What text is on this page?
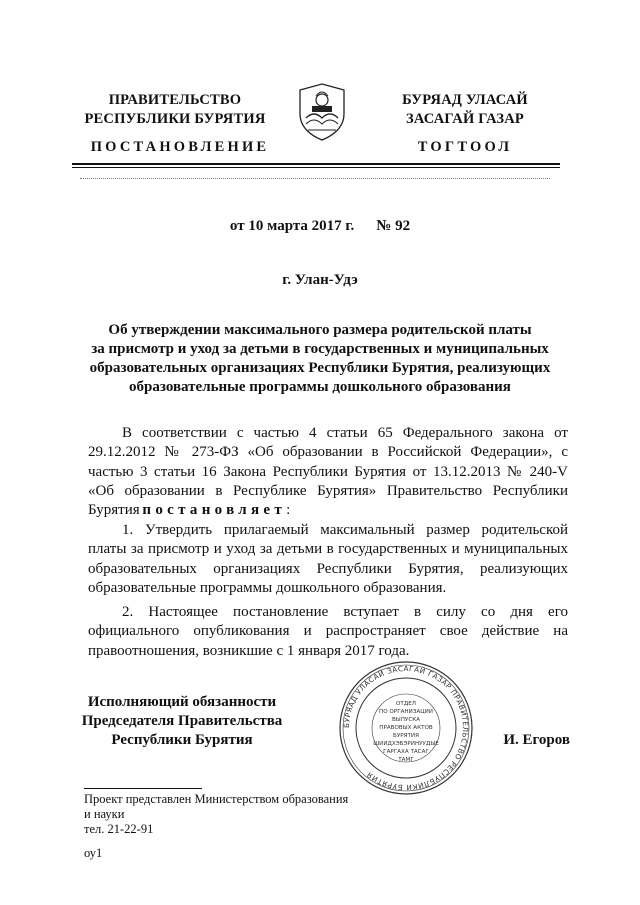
ПРАВИТЕЛЬСТВО
РЕСПУБЛИКИ БУРЯТИЯ
БУРЯАД УЛАСАЙ
ЗАСАГАЙ ГАЗАР
ПОСТАНОВЛЕНИЕ	ТОГТООЛ
от 10 марта 2017 г. № 92
г. Улан-Удэ
Об утверждении максимального размера родительской платы
за присмотр и уход за детьми в государственных и муниципальных
образовательных организациях Республики Бурятия, реализующих
образовательные программы дошкольного образования
В соответствии с частью 4 статьи 65 Федерального закона от 29.12.2012 № 273-ФЗ «Об образовании в Российской Федерации», с частью 3 статьи 16 Закона Республики Бурятия от 13.12.2013 № 240-V «Об образовании в Республике Бурятия» Правительство Республики Бурятия постановляет:
1. Утвердить прилагаемый максимальный размер родительской платы за присмотр и уход за детьми в государственных и муниципальных образовательных организациях Республики Бурятия, реализующих образовательные программы дошкольного образования.
2. Настоящее постановление вступает в силу со дня его официального опубликования и распространяет свое действие на правоотношения, возникшие с 1 января 2017 года.
Исполняющий обязанности
Председателя Правительства
Республики Бурятия
БУРЯАД УЛАСАЙ ЗАСАГАЙ ГАЗАР ПРАВИТЕЛЬСТВО РЕСПУБЛИКИ БУРЯТИЯ
ОТДЕЛ
ПО ОРГАНИЗАЦИИ
ВЫПУСКА
ПРАВОВЫХ АКТОВ
БУРЯТИЯ
ШИИДХЭБЭРИНУУДЫЕ
ГАРГАХА ТАСАГ
ТАМГ
И. Егоров
Проект представлен Министерством образования
и науки
тел. 21-22-91
оу1
